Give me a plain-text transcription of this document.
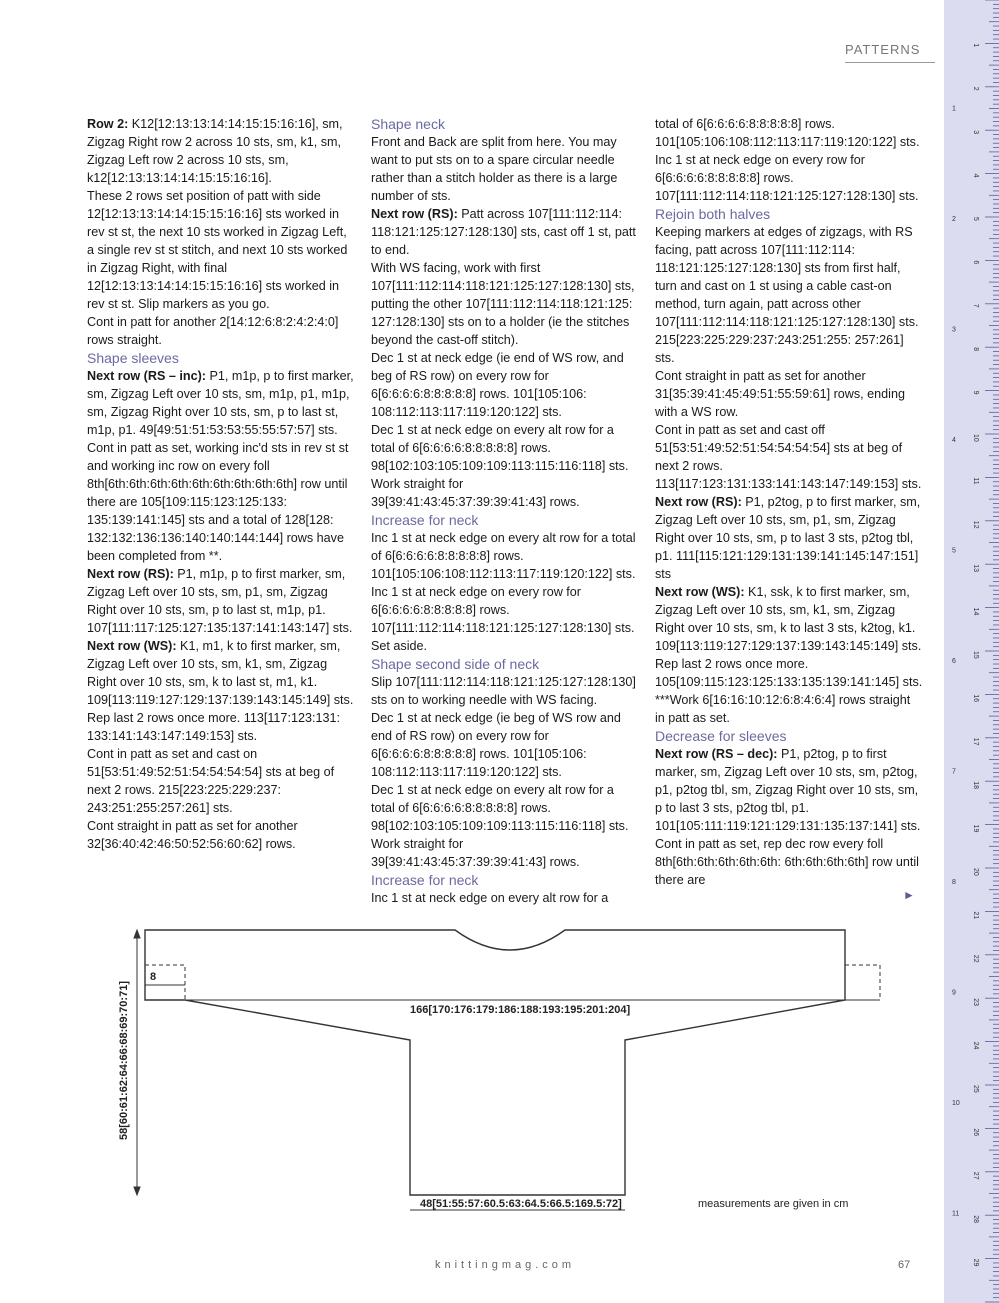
PATTERNS

Row 2: K12[12:13:13:14:14:15:15:16:16], sm, Zigzag Right row 2 across 10 sts, sm, k1, sm, Zigzag Left row 2 across 10 sts, sm, k12[12:13:13:14:14:15:15:16:16].

These 2 rows set position of patt with side 12[12:13:13:14:14:15:15:16:16] sts worked in rev st st, the next 10 sts worked in Zigzag Left, a single rev st st stitch, and next 10 sts worked in Zigzag Right, with final 12[12:13:13:14:14:15:15:16:16] sts worked in rev st st. Slip markers as you go.

Cont in patt for another 2[14:12:6:8:2:4:2:4:0] rows straight.

Shape sleeves

Next row (RS – inc): P1, m1p, p to first marker, sm, Zigzag Left over 10 sts, sm, m1p, p1, m1p, sm, Zigzag Right over 10 sts, sm, p to last st, m1p, p1. 49[49:51:51:53:53:55:55:57:57] sts.

Cont in patt as set, working inc'd sts in rev st st and working inc row on every foll 8th[6th:6th:6th:6th:6th:6th:6th:6th:6th] row until there are 105[109:115:123:125:133: 135:139:141:145] sts and a total of 128[128: 132:132:136:136:140:140:144:144] rows have been completed from **.

Next row (RS): P1, m1p, p to first marker, sm, Zigzag Left over 10 sts, sm, p1, sm, Zigzag Right over 10 sts, sm, p to last st, m1p, p1. 107[111:117:125:127:135:137:141:143:147] sts.

Next row (WS): K1, m1, k to first marker, sm, Zigzag Left over 10 sts, sm, k1, sm, Zigzag Right over 10 sts, sm, k to last st, m1, k1. 109[113:119:127:129:137:139:143:145:149] sts.

Rep last 2 rows once more. 113[117:123:131: 133:141:143:147:149:153] sts.

Cont in patt as set and cast on 51[53:51:49:52:51:54:54:54:54] sts at beg of next 2 rows. 215[223:225:229:237: 243:251:255:257:261] sts.

Cont straight in patt as set for another 32[36:40:42:46:50:52:56:60:62] rows.

Shape neck

Front and Back are split from here. You may want to put sts on to a spare circular needle rather than a stitch holder as there is a large number of sts.

Next row (RS): Patt across 107[111:112:114: 118:121:125:127:128:130] sts, cast off 1 st, patt to end.

With WS facing, work with first 107[111:112:114:118:121:125:127:128:130] sts, putting the other 107[111:112:114:118:121:125: 127:128:130] sts on to a holder (ie the stitches beyond the cast-off stitch).

Dec 1 st at neck edge (ie end of WS row, and beg of RS row) on every row for 6[6:6:6:6:8:8:8:8:8] rows. 101[105:106: 108:112:113:117:119:120:122] sts.

Dec 1 st at neck edge on every alt row for a total of 6[6:6:6:6:8:8:8:8:8] rows. 98[102:103:105:109:109:113:115:116:118] sts.

Work straight for 39[39:41:43:45:37:39:39:41:43] rows.

Increase for neck

Inc 1 st at neck edge on every alt row for a total of 6[6:6:6:6:8:8:8:8:8] rows. 101[105:106:108:112:113:117:119:120:122] sts.

Inc 1 st at neck edge on every row for 6[6:6:6:6:8:8:8:8:8] rows. 107[111:112:114:118:121:125:127:128:130] sts.

Set aside.

Shape second side of neck

Slip 107[111:112:114:118:121:125:127:128:130] sts on to working needle with WS facing.

Dec 1 st at neck edge (ie beg of WS row and end of RS row) on every row for 6[6:6:6:6:8:8:8:8:8] rows. 101[105:106: 108:112:113:117:119:120:122] sts.

Dec 1 st at neck edge on every alt row for a total of 6[6:6:6:6:8:8:8:8:8] rows. 98[102:103:105:109:109:113:115:116:118] sts.

Work straight for 39[39:41:43:45:37:39:39:41:43] rows.

Increase for neck

Inc 1 st at neck edge on every alt row for a

total of 6[6:6:6:6:8:8:8:8:8] rows. 101[105:106:108:112:113:117:119:120:122] sts.

Inc 1 st at neck edge on every row for 6[6:6:6:6:8:8:8:8:8] rows. 107[111:112:114:118:121:125:127:128:130] sts.

Rejoin both halves

Keeping markers at edges of zigzags, with RS facing, patt across 107[111:112:114: 118:121:125:127:128:130] sts from first half, turn and cast on 1 st using a cable cast-on method, turn again, patt across other 107[111:112:114:118:121:125:127:128:130] sts. 215[223:225:229:237:243:251:255: 257:261] sts.

Cont straight in patt as set for another 31[35:39:41:45:49:51:55:59:61] rows, ending with a WS row.

Cont in patt as set and cast off 51[53:51:49:52:51:54:54:54:54] sts at beg of next 2 rows. 113[117:123:131:133:141:143:147:149:153] sts.

Next row (RS): P1, p2tog, p to first marker, sm, Zigzag Left over 10 sts, sm, p1, sm, Zigzag Right over 10 sts, sm, p to last 3 sts, p2tog tbl, p1. 111[115:121:129:131:139:141:145:147:151] sts

Next row (WS): K1, ssk, k to first marker, sm, Zigzag Left over 10 sts, sm, k1, sm, Zigzag Right over 10 sts, sm, k to last 3 sts, k2tog, k1. 109[113:119:127:129:137:139:143:145:149] sts.

Rep last 2 rows once more. 105[109:115:123:125:133:135:139:141:145] sts.

***Work 6[16:16:10:12:6:8:4:6:4] rows straight in patt as set.

Decrease for sleeves

Next row (RS – dec): P1, p2tog, p to first marker, sm, Zigzag Left over 10 sts, sm, p2tog, p1, p2tog tbl, sm, Zigzag Right over 10 sts, sm, p to last 3 sts, p2tog tbl, p1. 101[105:111:119:121:129:131:135:137:141] sts.

Cont in patt as set, rep dec row every foll 8th[6th:6th:6th:6th:6th: 6th:6th:6th:6th] row until there are

►
8
166[170:176:179:186:188:193:195:201:204]
48[51:55:57:60.5:63:64.5:66.5:169.5:72]
58[60:61:62:64:66:68:69:70:71]
measurements are given in cm
1
2
3
4
5
6
7
8
9
10
11
12
13
14
15
16
17
18
19
20
21
22
23
24
25
26
27
28
29
1
2
3
4
5
6
7
8
9
10
11
knittingmag.com	67
